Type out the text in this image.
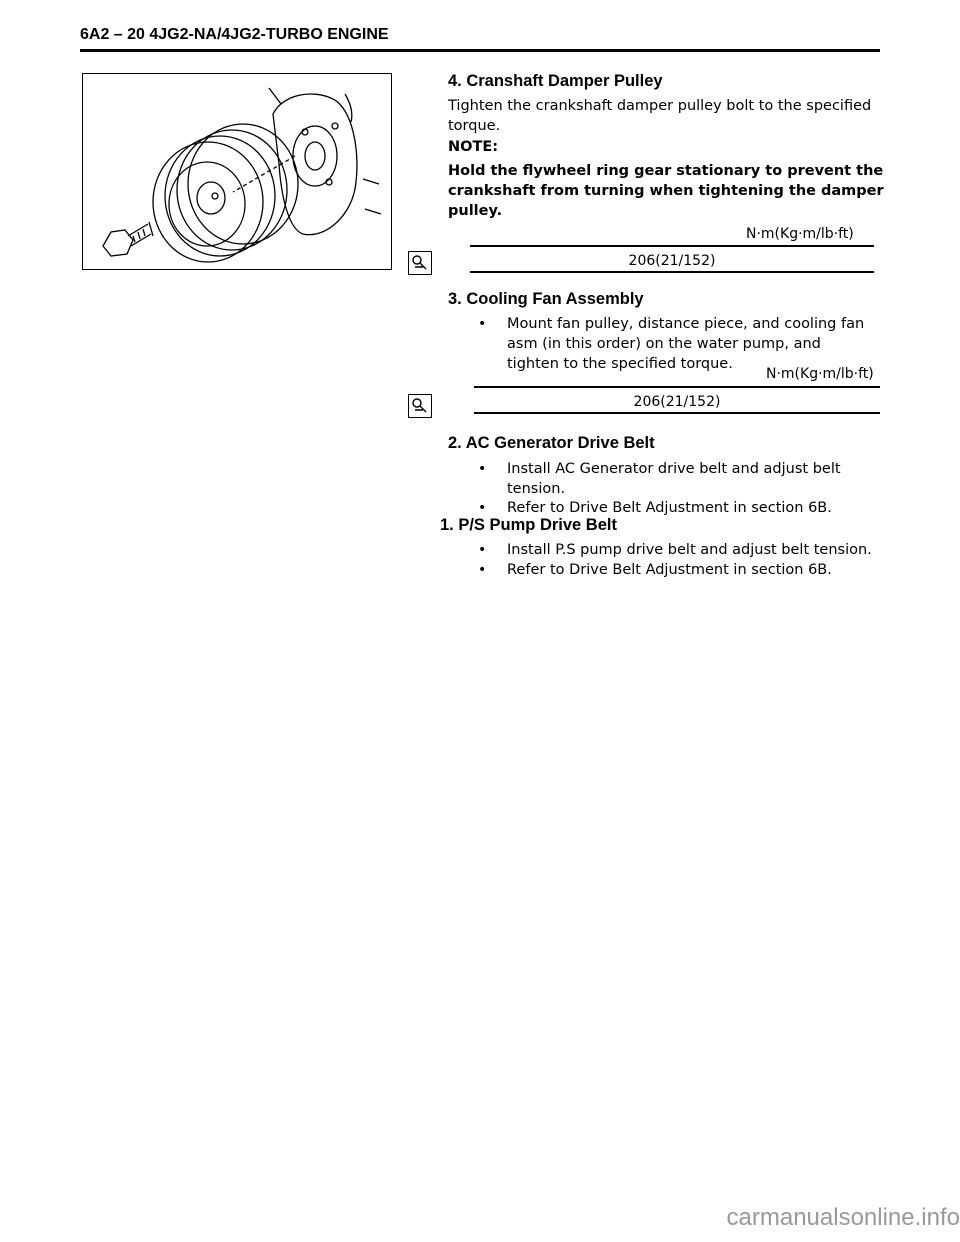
6A2 – 20 4JG2-NA/4JG2-TURBO ENGINE
4. Cranshaft Damper Pulley
Tighten the crankshaft damper pulley bolt to the specified
torque.
NOTE:
Hold the flywheel ring gear stationary to prevent the
crankshaft from turning when tightening the damper
pulley.
N·m(Kg·m/lb·ft)
206(21/152)
3. Cooling Fan Assembly
• Mount fan pulley, distance piece, and cooling fan
asm (in this order) on the water pump, and
tighten to the specified torque.
N·m(Kg·m/lb·ft)
206(21/152)
2. AC Generator Drive Belt
• Install AC Generator drive belt and adjust belt
tension.
• Refer to Drive Belt Adjustment in section 6B.
1. P/S Pump Drive Belt
• Install P.S pump drive belt and adjust belt tension.
• Refer to Drive Belt Adjustment in section 6B.
carmanualsonline.info
